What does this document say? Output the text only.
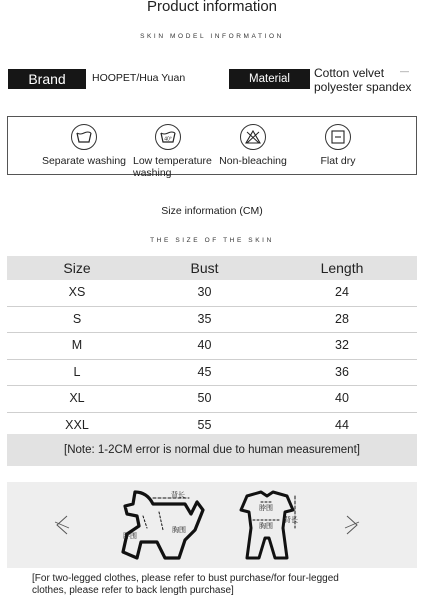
Product information
SKIN MODEL INFORMATION
Brand	HOOPET/Hua Yuan	Material	Cotton velvet
polyester spandex
—
Separate washing
40°
Low temperature washing
Non-bleaching	Flat dry
Size information (CM)
THE SIZE OF THE SKIN
Size	Bust	Length
XS	30	24
S	35	28
M	40	32
L	45	36
XL	50	40
XXL	55	44
[Note: 1-2CM error is normal due to human measurement]
背长
脖围
胸围
脖围
胸围
背长
[For two-legged clothes, please refer to bust purchase/for four-legged
clothes, please refer to back length purchase]
